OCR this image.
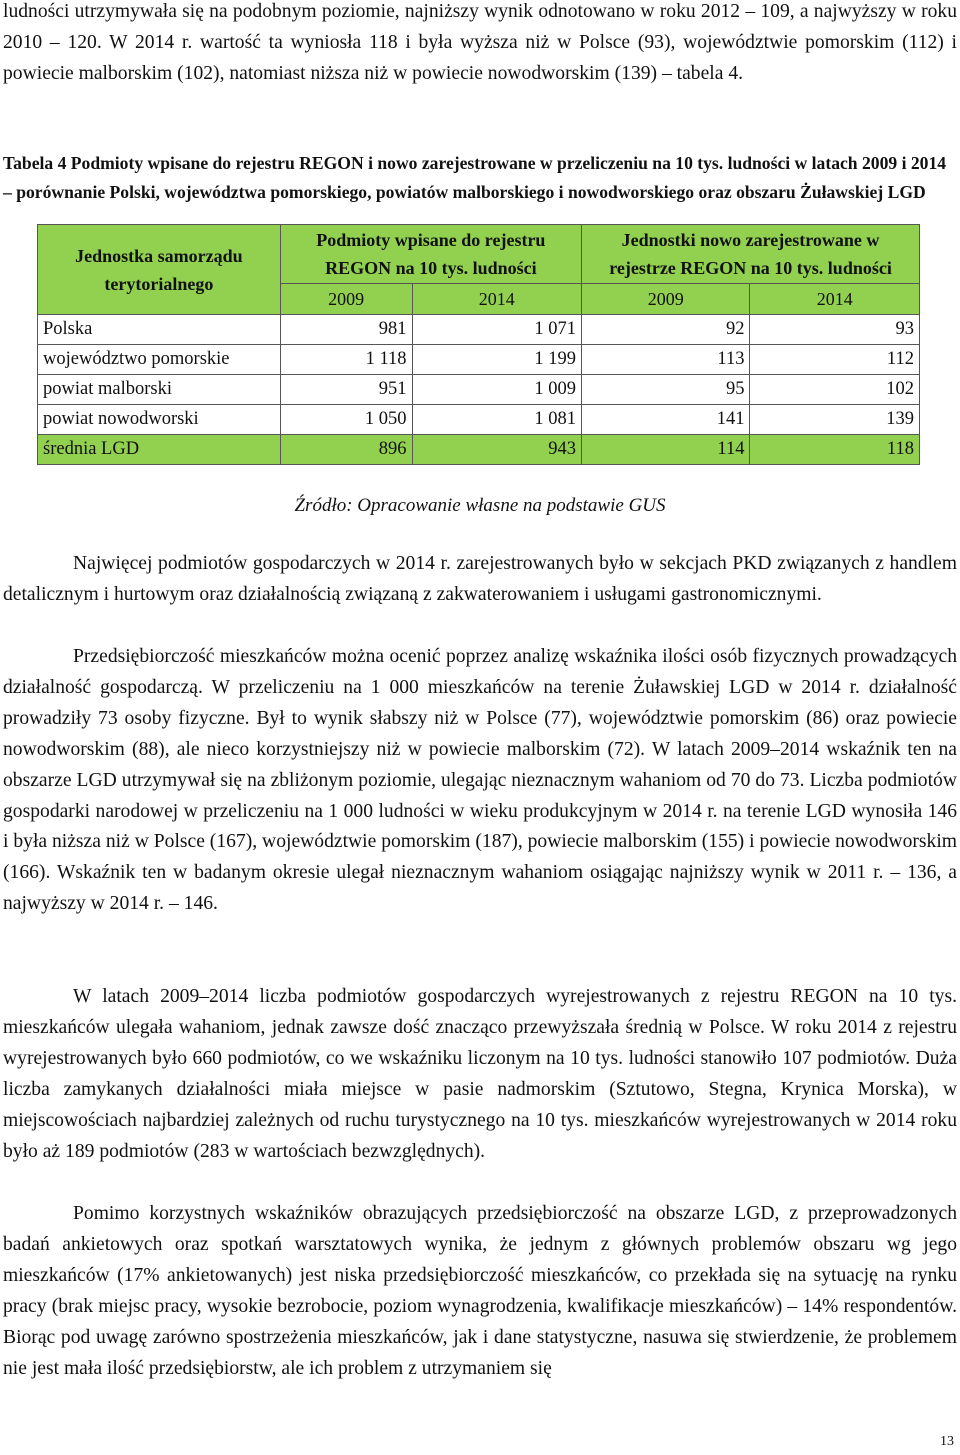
ludności utrzymywała się na podobnym poziomie, najniższy wynik odnotowano w roku 2012 – 109, a najwyższy w roku 2010 – 120. W 2014 r. wartość ta wyniosła 118 i była wyższa niż w Polsce (93), województwie pomorskim (112) i powiecie malborskim (102), natomiast niższa niż w powiecie nowodworskim (139) – tabela 4.

Tabela 4 Podmioty wpisane do rejestru REGON i nowo zarejestrowane w przeliczeniu na 10 tys. ludności w latach 2009 i 2014 – porównanie Polski, województwa pomorskiego, powiatów malborskiego i nowodworskiego oraz obszaru Żuławskiej LGD

Jednostka samorządu terytorialnego	Podmioty wpisane do rejestru REGON na 10 tys. ludności		Jednostki nowo zarejestrowane w rejestrze REGON na 10 tys. ludności	
	2009	2014	2009	2014
Polska	981	1 071	92	93
województwo pomorskie	1 118	1 199	113	112
powiat malborski	951	1 009	95	102
powiat nowodworski	1 050	1 081	141	139
średnia LGD	896	943	114	118
Źródło: Opracowanie własne na podstawie GUS

Najwięcej podmiotów gospodarczych w 2014 r. zarejestrowanych było w sekcjach PKD związanych z handlem detalicznym i hurtowym oraz działalnością związaną z zakwaterowaniem i usługami gastronomicznymi.

Przedsiębiorczość mieszkańców można ocenić poprzez analizę wskaźnika ilości osób fizycznych prowadzących działalność gospodarczą. W przeliczeniu na 1 000 mieszkańców na terenie Żuławskiej LGD w 2014 r. działalność prowadziły 73 osoby fizyczne. Był to wynik słabszy niż w Polsce (77), województwie pomorskim (86) oraz powiecie nowodworskim (88), ale nieco korzystniejszy niż w powiecie malborskim (72). W latach 2009–2014 wskaźnik ten na obszarze LGD utrzymywał się na zbliżonym poziomie, ulegając nieznacznym wahaniom od 70 do 73. Liczba podmiotów gospodarki narodowej w przeliczeniu na 1 000 ludności w wieku produkcyjnym w 2014 r. na terenie LGD wynosiła 146 i była niższa niż w Polsce (167), województwie pomorskim (187), powiecie malborskim (155) i powiecie nowodworskim (166). Wskaźnik ten w badanym okresie ulegał nieznacznym wahaniom osiągając najniższy wynik w 2011 r. – 136, a najwyższy w 2014 r. – 146.

W latach 2009–2014 liczba podmiotów gospodarczych wyrejestrowanych z rejestru REGON na 10 tys. mieszkańców ulegała wahaniom, jednak zawsze dość znacząco przewyższała średnią w Polsce. W roku 2014 z rejestru wyrejestrowanych było 660 podmiotów, co we wskaźniku liczonym na 10 tys. ludności stanowiło 107 podmiotów. Duża liczba zamykanych działalności miała miejsce w pasie nadmorskim (Sztutowo, Stegna, Krynica Morska), w miejscowościach najbardziej zależnych od ruchu turystycznego na 10 tys. mieszkańców wyrejestrowanych w 2014 roku było aż 189 podmiotów (283 w wartościach bezwzględnych).

Pomimo korzystnych wskaźników obrazujących przedsiębiorczość na obszarze LGD, z przeprowadzonych badań ankietowych oraz spotkań warsztatowych wynika, że jednym z głównych problemów obszaru wg jego mieszkańców (17% ankietowanych) jest niska przedsiębiorczość mieszkańców, co przekłada się na sytuację na rynku pracy (brak miejsc pracy, wysokie bezrobocie, poziom wynagrodzenia, kwalifikacje mieszkańców) – 14% respondentów. Biorąc pod uwagę zarówno spostrzeżenia mieszkańców, jak i dane statystyczne, nasuwa się stwierdzenie, że problemem nie jest mała ilość przedsiębiorstw, ale ich problem z utrzymaniem się

13
